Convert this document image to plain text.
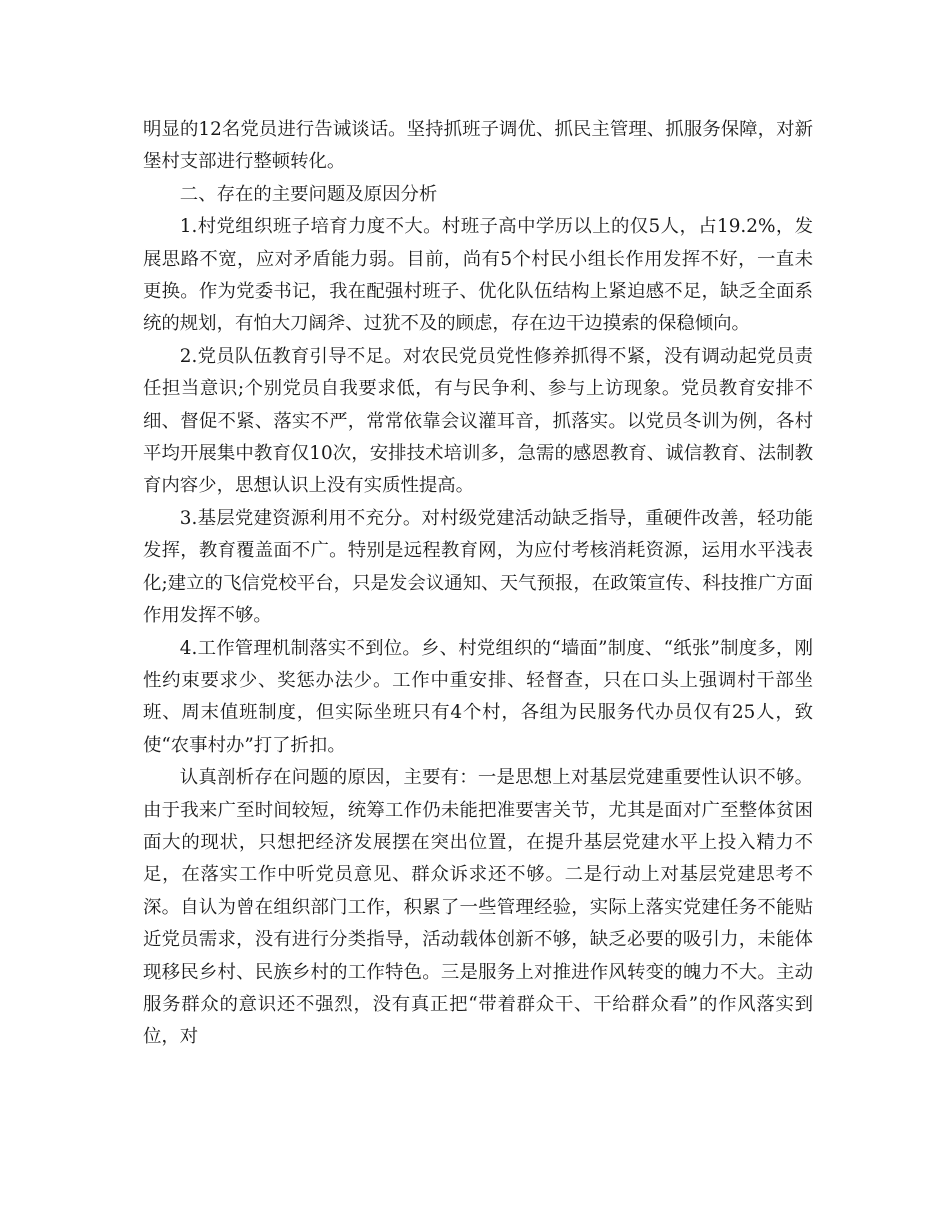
明显的12名党员进行告诫谈话。坚持抓班子调优、抓民主管理、抓服务保障，对新堡村支部进行整顿转化。

二、存在的主要问题及原因分析

1.村党组织班子培育力度不大。村班子高中学历以上的仅5人，占19.2%，发展思路不宽，应对矛盾能力弱。目前，尚有5个村民小组长作用发挥不好，一直未更换。作为党委书记，我在配强村班子、优化队伍结构上紧迫感不足，缺乏全面系统的规划，有怕大刀阔斧、过犹不及的顾虑，存在边干边摸索的保稳倾向。

2.党员队伍教育引导不足。对农民党员党性修养抓得不紧，没有调动起党员责任担当意识;个别党员自我要求低，有与民争利、参与上访现象。党员教育安排不细、督促不紧、落实不严，常常依靠会议灌耳音，抓落实。以党员冬训为例，各村平均开展集中教育仅10次，安排技术培训多，急需的感恩教育、诚信教育、法制教育内容少，思想认识上没有实质性提高。

3.基层党建资源利用不充分。对村级党建活动缺乏指导，重硬件改善，轻功能发挥，教育覆盖面不广。特别是远程教育网，为应付考核消耗资源，运用水平浅表化;建立的飞信党校平台，只是发会议通知、天气预报，在政策宣传、科技推广方面作用发挥不够。

4.工作管理机制落实不到位。乡、村党组织的“墙面”制度、“纸张”制度多，刚性约束要求少、奖惩办法少。工作中重安排、轻督查，只在口头上强调村干部坐班、周末值班制度，但实际坐班只有4个村，各组为民服务代办员仅有25人，致使“农事村办”打了折扣。

认真剖析存在问题的原因，主要有：一是思想上对基层党建重要性认识不够。由于我来广至时间较短，统筹工作仍未能把准要害关节，尤其是面对广至整体贫困面大的现状，只想把经济发展摆在突出位置，在提升基层党建水平上投入精力不足，在落实工作中听党员意见、群众诉求还不够。二是行动上对基层党建思考不深。自认为曾在组织部门工作，积累了一些管理经验，实际上落实党建任务不能贴近党员需求，没有进行分类指导，活动载体创新不够，缺乏必要的吸引力，未能体现移民乡村、民族乡村的工作特色。三是服务上对推进作风转变的魄力不大。主动服务群众的意识还不强烈，没有真正把“带着群众干、干给群众看”的作风落实到位，对
